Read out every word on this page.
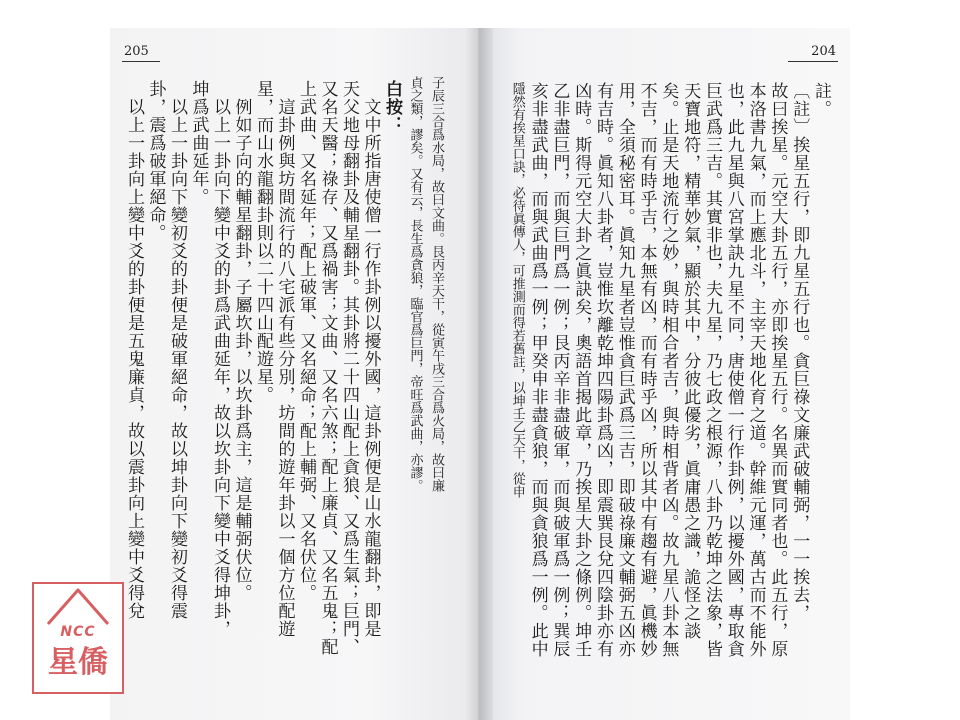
205
子辰三合爲水局，故曰文曲。艮丙辛天干，從寅午戌三合爲火局，故曰廉
貞之類，謬矣。又有云，長生爲貪狼，臨官爲巨門，帝旺爲武曲，亦謬。
白按：
　文中所指唐使僧一行作卦例以擾外國，這卦例便是山水龍翻卦，即是
天父地母翻卦及輔星翻卦。其卦將二十四山配上貪狼、又爲生氣；巨門、
又名天醫；祿存、又爲禍害；文曲、又名六煞；配上廉貞、又名五鬼；配
上武曲、又名延年；配上破軍、又名絕命；配上輔弼、又名伏位。
　這卦例與坊間流行的八宅派有些分別，坊間的遊年卦以一個方位配遊
星，而山水龍翻卦則以二十四山配遊星。
　例如子向的輔星翻卦，子屬坎卦，以坎卦爲主，這是輔弼伏位。
　以上一卦向下變中爻的卦爲武曲延年，故以坎卦向下變中爻得坤卦，
坤爲武曲延年。
　以上一卦向下變初爻的卦便是破軍絕命，故以坤卦向下變初爻得震
卦，震爲破軍絕命。
　以上一卦向上變中爻的卦便是五鬼廉貞，故以震卦向上變中爻得兌
204
註。
〔註〕挨星五行，即九星五行也。貪巨祿文廉武破輔弼，一一挨去，
故曰挨星。元空大卦五行，亦即挨星五行。名異而實同者也。此五行，原
本洛書九氣，而上應北斗，主宰天地化育之道。幹維元運，萬古而不能外
也，此九星與八宮掌訣九星不同，唐使僧一行作卦例，以擾外國，專取貪
巨武爲三吉。其實非也，夫九星，乃七政之根源，八卦乃乾坤之法象，皆
天寶地符，精華妙氣，顯於其中，分彼此優劣，眞庸愚之識，詭怪之談
矣。止是天地流行之妙，與時相合者吉，與時相背者凶。故九星八卦本無
不吉，而有時乎吉，本無有凶，而有時乎凶，所以其中有趨有避，眞機妙
用，全須秘密耳。眞知九星者豈惟貪巨武爲三吉，即破祿廉文輔弼五凶亦
有吉時。眞知八卦者，豈惟坎離乾坤四陽卦爲凶，即震巽艮兌四陰卦亦有
凶時。斯得元空大卦之眞訣矣，奧語首揭此章，乃挨星大卦之條例。坤壬
乙非盡巨門，而與巨門爲一例；艮丙辛非盡破軍，而與破軍爲一例；巽辰
亥非盡武曲，而與武曲爲一例；甲癸申非盡貪狼，而與貪狼爲一例。此中
隱然有挨星口訣，必待眞傳人，可推測而得若舊註，以坤壬乙天干，從申
NCC
星僑
